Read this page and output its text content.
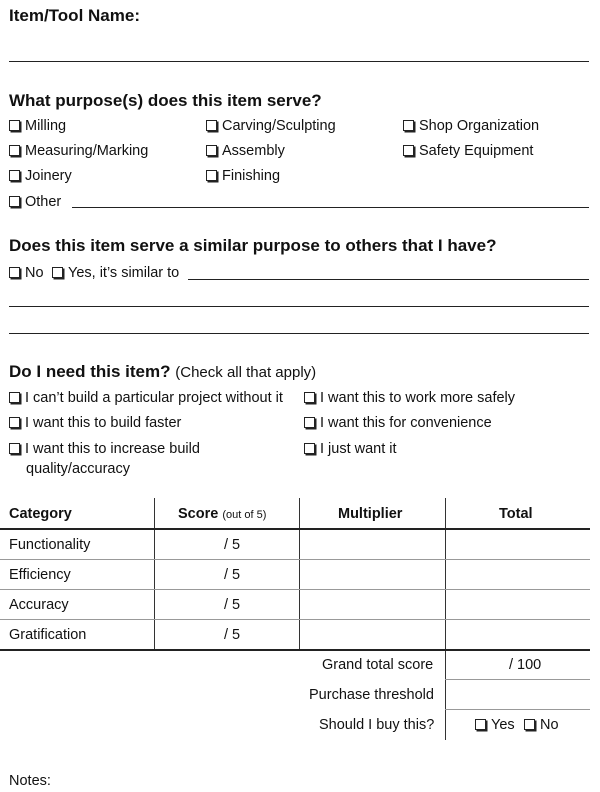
Item/Tool Name:
What purpose(s) does this item serve?
Milling	Carving/Sculpting	Shop Organization
Measuring/Marking	Assembly	Safety Equipment
Joinery	Finishing
Other
Does this item serve a similar purpose to others that I have?
No	Yes, it’s similar to
Do I need this item? (Check all that apply)
I can’t build a particular project without it	I want this to work more safely
I want this to build faster	I want this for convenience
I want this to increase build
quality/accuracy
I just want it
Category	Score (out of 5)	Multiplier	Total
Functionality	/ 5
Efficiency	/ 5
Accuracy	/ 5
Gratification	/ 5
Grand total score	/ 100
Purchase threshold
Should I buy this?	Yes	No
Notes:
